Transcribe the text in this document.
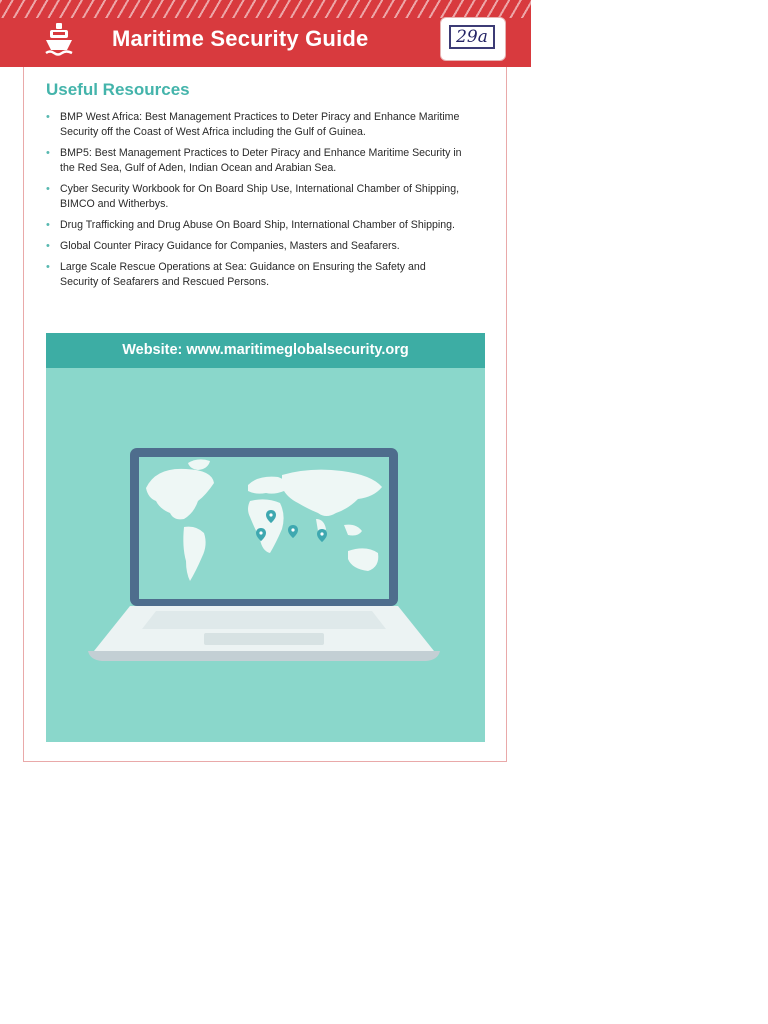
Maritime Security Guide	29a
Useful Resources
• BMP West Africa: Best Management Practices to Deter Piracy and Enhance Maritime Security off the Coast of West Africa including the Gulf of Guinea.
• BMP5: Best Management Practices to Deter Piracy and Enhance Maritime Security in the Red Sea, Gulf of Aden, Indian Ocean and Arabian Sea.
• Cyber Security Workbook for On Board Ship Use, International Chamber of Shipping, BIMCO and Witherbys.
• Drug Trafficking and Drug Abuse On Board Ship, International Chamber of Shipping.
• Global Counter Piracy Guidance for Companies, Masters and Seafarers.
• Large Scale Rescue Operations at Sea: Guidance on Ensuring the Safety and Security of Seafarers and Rescued Persons.
Website: www.maritimeglobalsecurity.org
